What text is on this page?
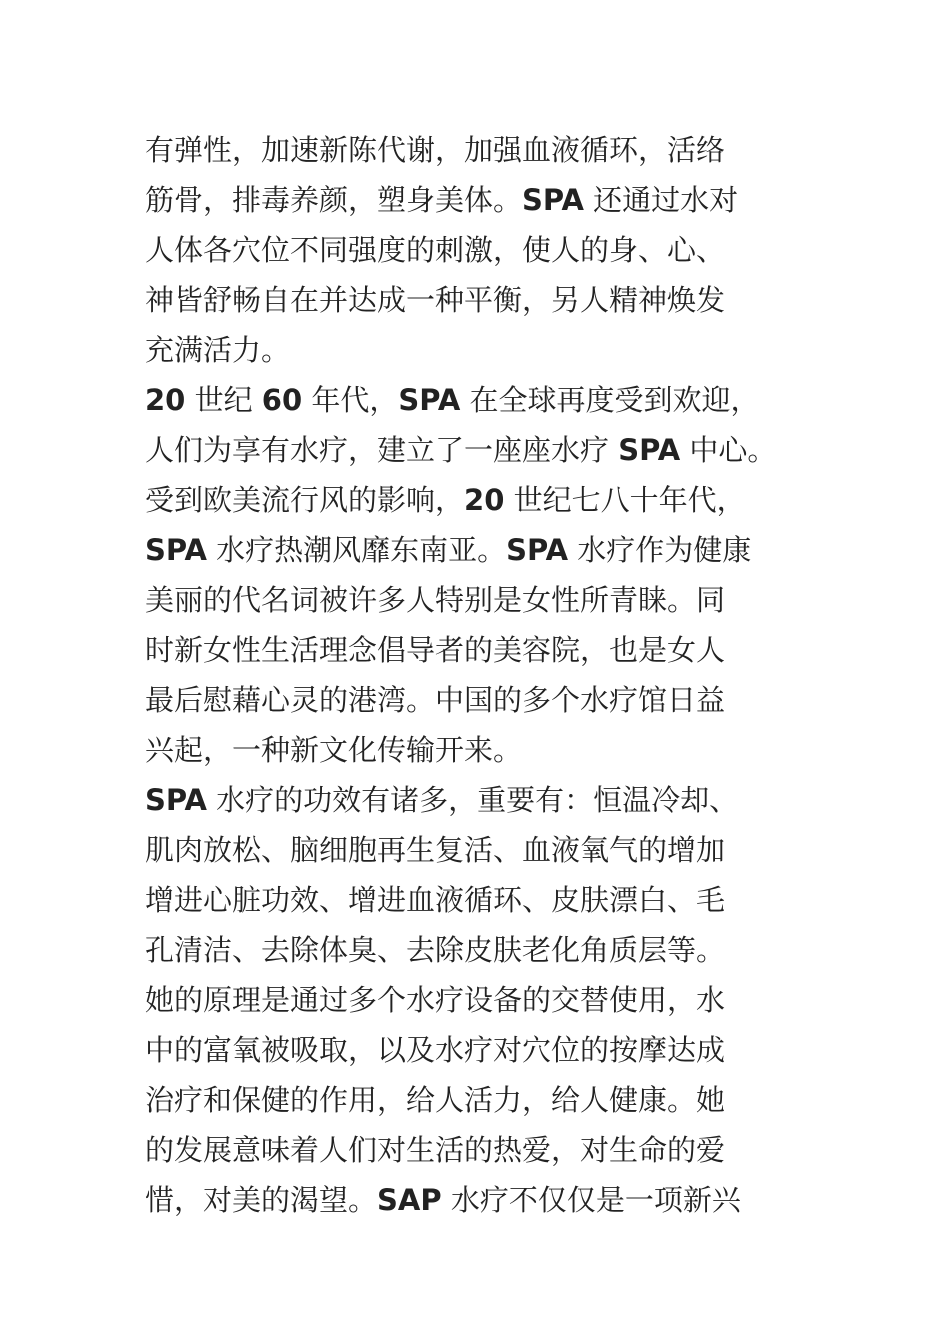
有弹性，加速新陈代谢，加强血液循环，活络
筋骨，排毒养颜，塑身美体。SPA 还通过水对
人体各穴位不同强度的刺激，使人的身、心、
神皆舒畅自在并达成一种平衡，另人精神焕发
充满活力。
20 世纪 60 年代，SPA 在全球再度受到欢迎，
人们为享有水疗，建立了一座座水疗 SPA 中心。
受到欧美流行风的影响，20 世纪七八十年代，
SPA 水疗热潮风靡东南亚。SPA 水疗作为健康
美丽的代名词被许多人特别是女性所青睐。同
时新女性生活理念倡导者的美容院，也是女人
最后慰藉心灵的港湾。中国的多个水疗馆日益
兴起，一种新文化传输开来。
SPA 水疗的功效有诸多，重要有：恒温冷却、
肌肉放松、脑细胞再生复活、血液氧气的增加
增进心脏功效、增进血液循环、皮肤漂白、毛
孔清洁、去除体臭、去除皮肤老化角质层等。
她的原理是通过多个水疗设备的交替使用，水
中的富氧被吸取，以及水疗对穴位的按摩达成
治疗和保健的作用，给人活力，给人健康。她
的发展意味着人们对生活的热爱，对生命的爱
惜，对美的渴望。SAP 水疗不仅仅是一项新兴
